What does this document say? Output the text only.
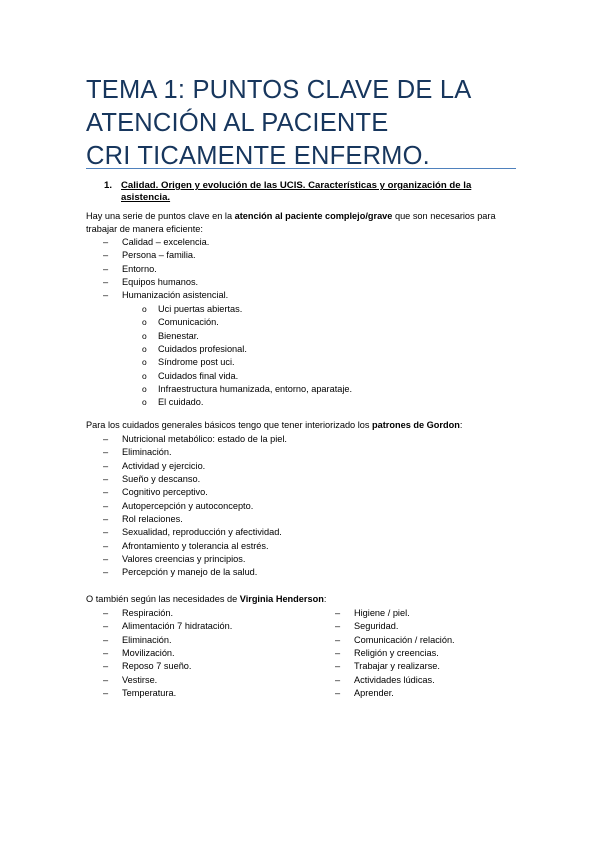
TEMA 1: PUNTOS CLAVE DE LA
ATENCIÓN AL PACIENTE
CRI TICAMENTE ENFERMO.
1. Calidad. Origen y evolución de las UCIS. Características y organización de la asistencia.
Hay una serie de puntos clave en la atención al paciente complejo/grave que son necesarios para trabajar de manera eficiente:
– Calidad – excelencia.
– Persona – familia.
– Entorno.
– Equipos humanos.
– Humanización asistencial.
o Uci puertas abiertas.
o Comunicación.
o Bienestar.
o Cuidados profesional.
o Síndrome post uci.
o Cuidados final vida.
o Infraestructura humanizada, entorno, aparataje.
o El cuidado.
Para los cuidados generales básicos tengo que tener interiorizado los patrones de Gordon:
– Nutricional metabólico: estado de la piel.
– Eliminación.
– Actividad y ejercicio.
– Sueño y descanso.
– Cognitivo perceptivo.
– Autopercepción y autoconcepto.
– Rol relaciones.
– Sexualidad, reproducción y afectividad.
– Afrontamiento y tolerancia al estrés.
– Valores creencias y principios.
– Percepción y manejo de la salud.
O también según las necesidades de Virginia Henderson:
– Respiración.
– Alimentación 7 hidratación.
– Eliminación.
– Movilización.
– Reposo 7 sueño.
– Vestirse.
– Temperatura.
– Higiene / piel.
– Seguridad.
– Comunicación / relación.
– Religión y creencias.
– Trabajar y realizarse.
– Actividades lúdicas.
– Aprender.
